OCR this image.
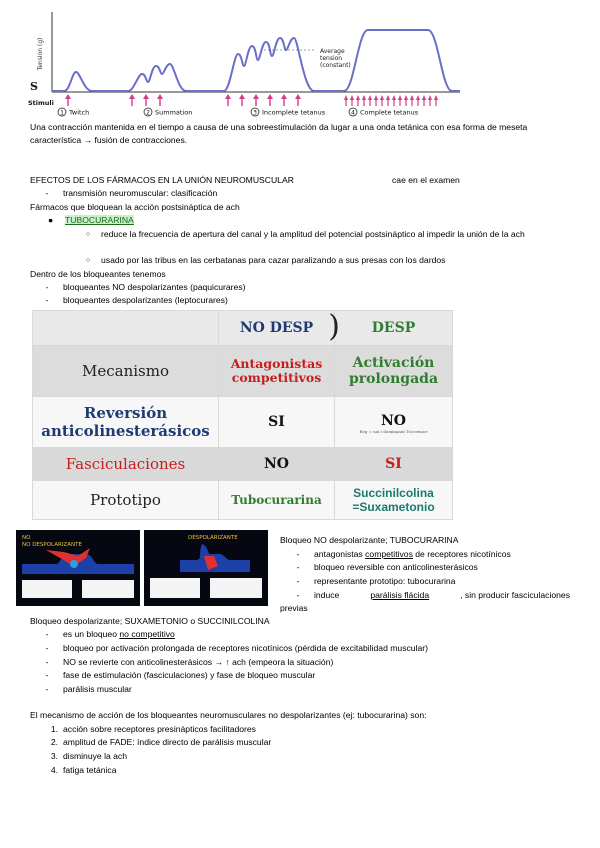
Tension (g)
S
Stimuli
Average
tension
(constant)
1 Twitch	2 Summation	3 Incomplete tetanus	4 Complete tetanus
Una contracción mantenida en el tiempo a causa de una sobreestimulación da lugar a una onda tetánica con esa forma de meseta característica → fusión de contracciones.
EFECTOS DE LOS FÁRMACOS EN LA UNIÓN NEUROMUSCULAR	cae en el examen
-	transmisión neuromuscular: clasificación
Fármacos que bloquean la acción postsináptica de ach
● TUBOCURARINA
○	reduce la frecuencia de apertura del canal y la amplitud del potencial postsináptico al impedir la unión de la ach
○	usado por las tribus en las cerbatanas para cazar paralizando a sus presas con los dardos
Dentro de los bloqueantes tenemos
-	bloqueantes NO despolarizantes (paquicurares)
-	bloqueantes despolarizantes (leptocurares)
	NO DESP )	DESP
Mecanismo	Antagonistas competitivos	Activación prolongada
Reversión anticolinesterásicos	SI	NO
Reg = nai i dominaant Tocovmice

Fasciculaciones	NO	SI
Prototipo	Tubocurarina	Succinilcolina =Suxametonio
NO
NO DESPOLARIZANTE
DESPOLARIZANTE	Bloqueo NO despolarizante; TUBOCURARINA
-	antagonistas competitivos de receptores nicotínicos
-	bloqueo reversible con anticolinesterásicos
-	representante prototipo: tubocurarina
-	induce	parálisis flácida	, sin producir fasciculaciones
previas
Bloqueo despolarizante; SUXAMETONIO o SUCCINILCOLINA
-	es un bloqueo no competitivo
-	bloqueo por activación prolongada de receptores nicotínicos (pérdida de excitabilidad muscular)
-	NO se revierte con anticolinesterásicos → ↑ ach (empeora la situación)
-	fase de estimulación (fasciculaciones) y fase de bloqueo muscular
-	parálisis muscular
El mecanismo de acción de los bloqueantes neuromusculares no despolarizantes (ej: tubocurarina) son:
1. acción sobre receptores presinápticos facilitadores
2. amplitud de FADE: índice directo de parálisis muscular
3. disminuye la ach
4. fatiga tetánica
